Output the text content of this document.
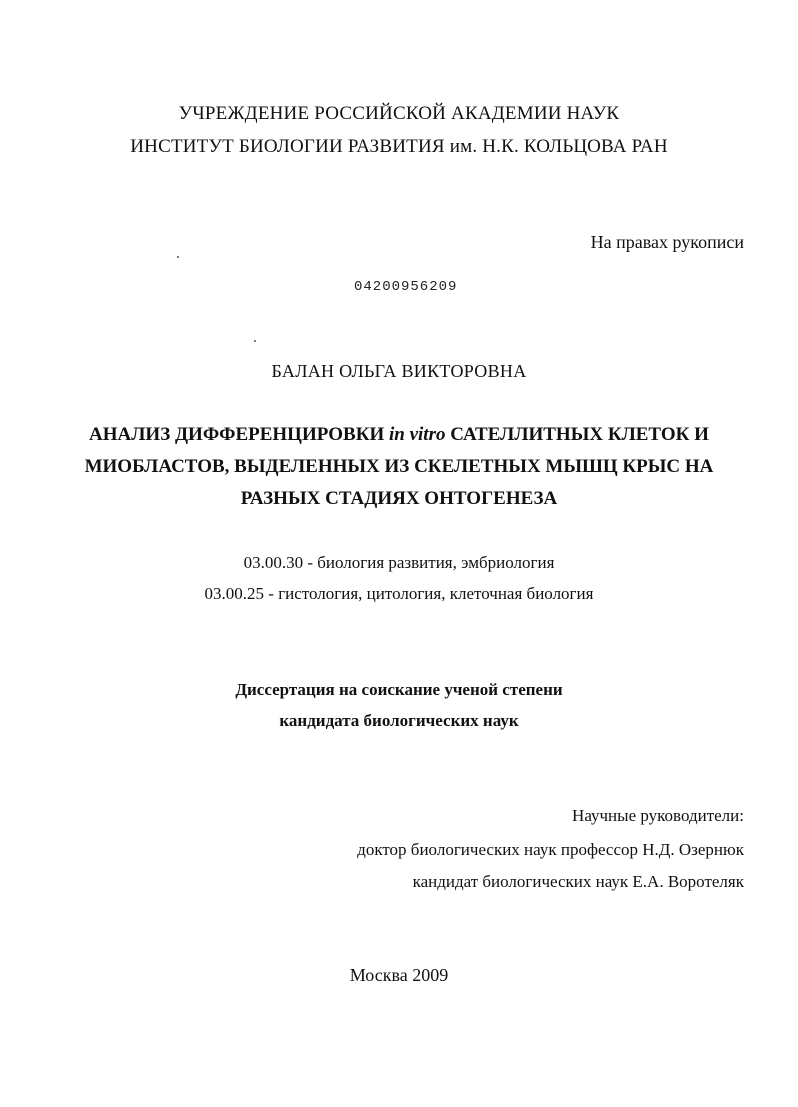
УЧРЕЖДЕНИЕ РОССИЙСКОЙ АКАДЕМИИ НАУК
ИНСТИТУТ БИОЛОГИИ РАЗВИТИЯ им. Н.К. КОЛЬЦОВА РАН
На правах рукописи
04200956209
БАЛАН ОЛЬГА ВИКТОРОВНА
АНАЛИЗ ДИФФЕРЕНЦИРОВКИ in vitro САТЕЛЛИТНЫХ КЛЕТОК И
МИОБЛАСТОВ, ВЫДЕЛЕННЫХ ИЗ СКЕЛЕТНЫХ МЫШЦ КРЫС НА
РАЗНЫХ СТАДИЯХ ОНТОГЕНЕЗА
03.00.30 - биология развития, эмбриология
03.00.25 - гистология, цитология, клеточная биология
Диссертация на соискание ученой степени
кандидата биологических наук
Научные руководители:
доктор биологических наук профессор Н.Д. Озернюк
кандидат биологических наук Е.А. Воротеляк
Москва 2009
